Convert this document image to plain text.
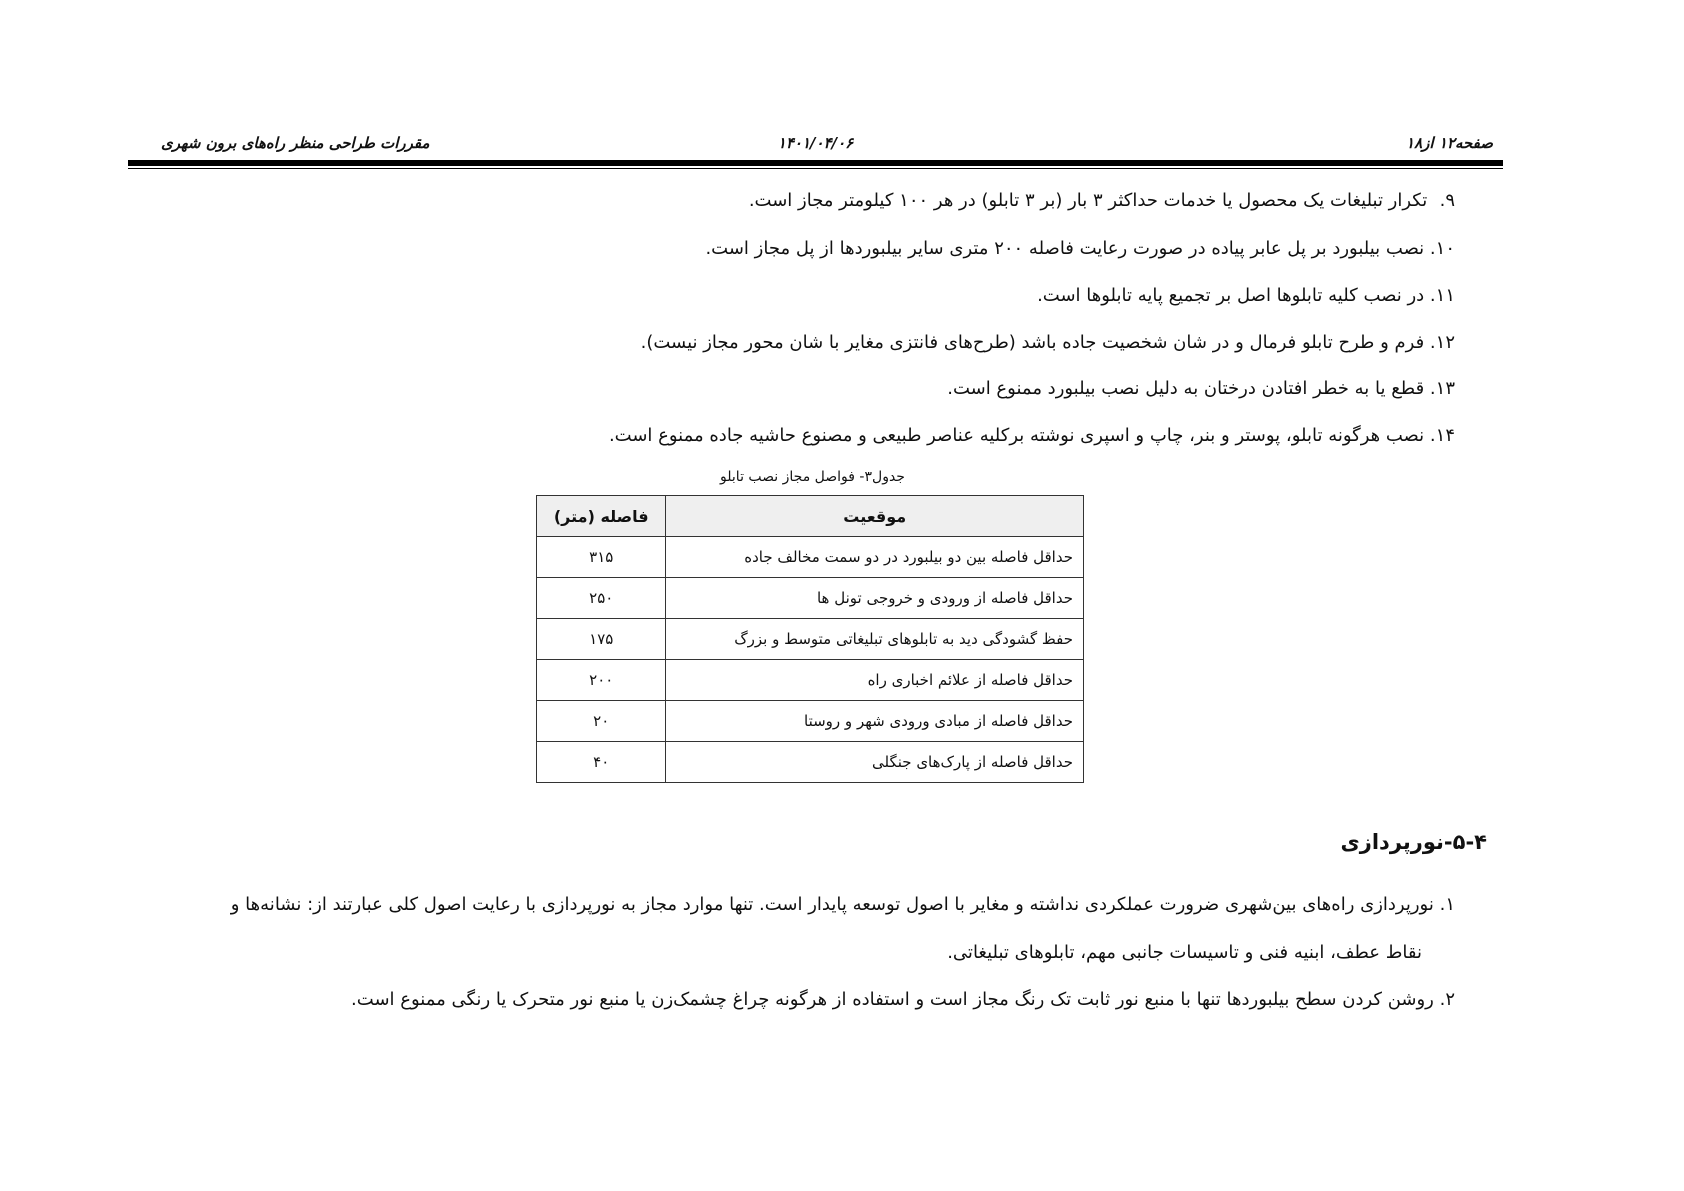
صفحه۱۲ از۱۸
۱۴۰۱/۰۴/۰۶
مقررات طراحی منظر راه‌های برون شهری
۹. تکرار تبلیغات یک محصول یا خدمات حداکثر ۳ بار (بر ۳ تابلو) در هر ۱۰۰ کیلومتر مجاز است.
۱۰. نصب بیلبورد بر پل عابر پیاده در صورت رعایت فاصله ۲۰۰ متری سایر بیلبوردها از پل مجاز است.
۱۱. در نصب کلیه تابلوها اصل بر تجمیع پایه تابلوها است.
۱۲. فرم و طرح تابلو فرمال و در شان شخصیت جاده باشد (طرح‌های فانتزی مغایر با شان محور مجاز نیست).
۱۳. قطع یا به خطر افتادن درختان به دلیل نصب بیلبورد ممنوع است.
۱۴. نصب هرگونه تابلو، پوستر و بنر، چاپ و اسپری نوشته برکلیه عناصر طبیعی و مصنوع حاشیه جاده ممنوع است.
جدول۳- فواصل مجاز نصب تابلو
موقعیت	فاصله (متر)
حداقل فاصله بین دو بیلبورد در دو سمت مخالف جاده	۳۱۵
حداقل فاصله از ورودی و خروجی تونل ها	۲۵۰
حفظ گشودگی دید به تابلوهای تبلیغاتی متوسط و بزرگ	۱۷۵
حداقل فاصله از علائم اخباری راه	۲۰۰
حداقل فاصله از مبادی ورودی شهر و روستا	۲۰
حداقل فاصله از پارک‌های جنگلی	۴۰
۵-۴-نورپردازی
۱. نورپردازی راه‌های بین‌شهری ضرورت عملکردی نداشته و مغایر با اصول توسعه پایدار است. تنها موارد مجاز به نورپردازی با رعایت اصول کلی عبارتند از: نشانه‌ها و
نقاط عطف، ابنیه فنی و تاسیسات جانبی مهم، تابلوهای تبلیغاتی.
۲. روشن کردن سطح بیلبوردها تنها با منبع نور ثابت تک رنگ مجاز است و استفاده از هرگونه چراغ چشمک‌زن یا منبع نور متحرک یا رنگی ممنوع است.
